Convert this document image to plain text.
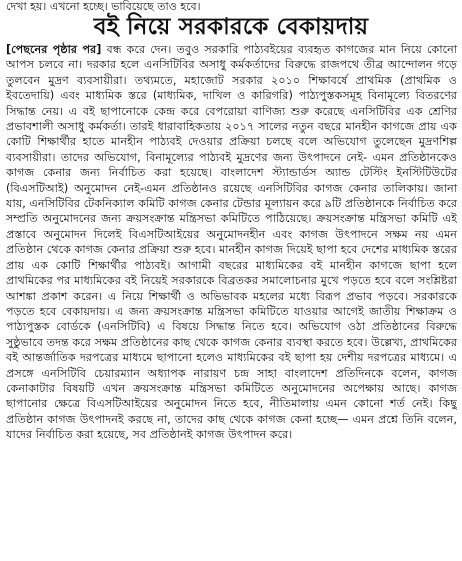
দেখা হয়। এখনো হচ্ছে। ভাবিয়েছে তাও হবে।
বই নিয়ে সরকারকে বেকায়দায়
[পেছনের পৃষ্ঠার পর] বন্ধ করে দেন। তবুও সরকারি পাঠ্যবইয়ের ব্যবহৃত কাগজের মান নিয়ে কোনো আপস চলবে না। দরকার হলে এনসিটিবির অসাধু কর্মকর্তাদের বিরুদ্ধে রাজপথে তীব্র আন্দোলন গড়ে তুলবেন মুদ্রণ ব্যবসায়ীরা। তথ্যমতে, মহাজোট সরকার ২০১০ শিক্ষাবর্ষে প্রাথমিক (প্রাথমিক ও ইবতেদায়ি) এবং মাধ্যমিক স্তরে (মাধ্যমিক, দাখিল ও কারিগরি) পাঠ্যপুস্তকসমূহ বিনামূল্যে বিতরণের সিদ্ধান্ত নেয়। এ বই ছাপানোকে কেন্দ্র করে বেপরোয়া বাণিজ্য শুরু করেছে এনসিটিবির এক শ্রেণির প্রভাবশালী অসাধু কর্মকর্তা। তারই ধারাবাহিকতায় ২০১৭ সালের নতুন বছরে মানহীন কাগজে প্রায় এক কোটি শিক্ষার্থীর হাতে মানহীন পাঠ্যবই দেওয়ার প্রক্রিয়া চলছে বলে অভিযোগ তুলেছেন মুদ্রণশিল্প ব্যবসায়ীরা। তাদের অভিযোগ, বিনামূল্যের পাঠ্যবই মুদ্রণের জন্য উৎপাদনে নেই- এমন প্রতিষ্ঠানকেও কাগজ কেনার জন্য নির্বাচিত করা হয়েছে। বাংলাদেশ স্ট্যান্ডার্ডস অ্যান্ড টেস্টিং ইনস্টিটিউটের (বিএসটিআই) অনুমোদন নেই-এমন প্রতিষ্ঠানও রয়েছে এনসিটিবির কাগজ কেনার তালিকায়। জানা যায়, এনসিটিবির টেকনিক্যাল কমিটি কাগজ কেনার টেন্ডার মূল্যায়ন করে ৯টি প্রতিষ্ঠানকে নির্বাচিত করে সম্প্রতি অনুমোদনের জন্য ক্রয়সংক্রান্ত মন্ত্রিসভা কমিটিতে পাঠিয়েছে। ক্রয়সংক্রান্ত মন্ত্রিসভা কমিটি এই প্রস্তাবে অনুমোদন দিলেই বিএসটিআইয়ের অনুমোদনহীন এবং কাগজ উৎপাদনে সক্ষম নয় এমন প্রতিষ্ঠান থেকে কাগজ কেনার প্রক্রিয়া শুরু হবে। মানহীন কাগজ দিয়েই ছাপা হবে দেশের মাধ্যমিক স্তরের প্রায় এক কোটি শিক্ষার্থীর পাঠ্যবই। আগামী বছরের মাধ্যমিকের বই মানহীন কাগজে ছাপা হলে প্রাথমিকের পর মাধ্যমিকের বই নিয়েই সরকারকে বিব্রতকর সমালোচনার মুখে পড়তে হবে বলে সংশ্লিষ্টরা আশঙ্কা প্রকাশ করেন। এ নিয়ে শিক্ষার্থী ও অভিভাবক মহলের মধ্যে বিরূপ প্রভাব পড়বে। সরকারকে পড়তে হবে বেকায়দায়। এ জন্য ক্রয়সংক্রান্ত মন্ত্রিসভা কমিটিতে যাওয়ার আগেই জাতীয় শিক্ষাক্রম ও পাঠ্যপুস্তক বোর্ডকে (এনসিটিবি) এ বিষয়ে সিদ্ধান্ত নিতে হবে। অভিযোগ ওঠা প্রতিষ্ঠানের বিরুদ্ধে সুষ্ঠুভাবে তদন্ত করে সক্ষম প্রতিষ্ঠানের কাছ থেকে কাগজ কেনার ব্যবস্থা করতে হবে। উল্লেখ্য, প্রাথমিকের বই আন্তর্জাতিক দরপত্রের মাধ্যমে ছাপানো হলেও মাধ্যমিকের বই ছাপা হয় দেশীয় দরপত্রের মাধ্যমে। এ প্রসঙ্গে এনসিটিবি চেয়ারম্যান অধ্যাপক নারায়ণ চন্দ্র সাহা বাংলাদেশ প্রতিদিনকে বলেন, কাগজ কেনাকাটার বিষয়টি এখন ক্রয়সংক্রান্ত মন্ত্রিসভা কমিটিতে অনুমোদনের অপেক্ষায় আছে। কাগজ ছাপানোর ক্ষেত্রে বিএসটিআইয়ের অনুমোদন নিতে হবে, নীতিমালায় এমন কোনো শর্ত নেই। কিছু প্রতিষ্ঠান কাগজ উৎপাদনই করছে না, তাদের কাছ থেকে কাগজ কেনা হচ্ছে— এমন প্রশ্নে তিনি বলেন, যাদের নির্বাচিত করা হয়েছে, সব প্রতিষ্ঠানই কাগজ উৎপাদন করে।
